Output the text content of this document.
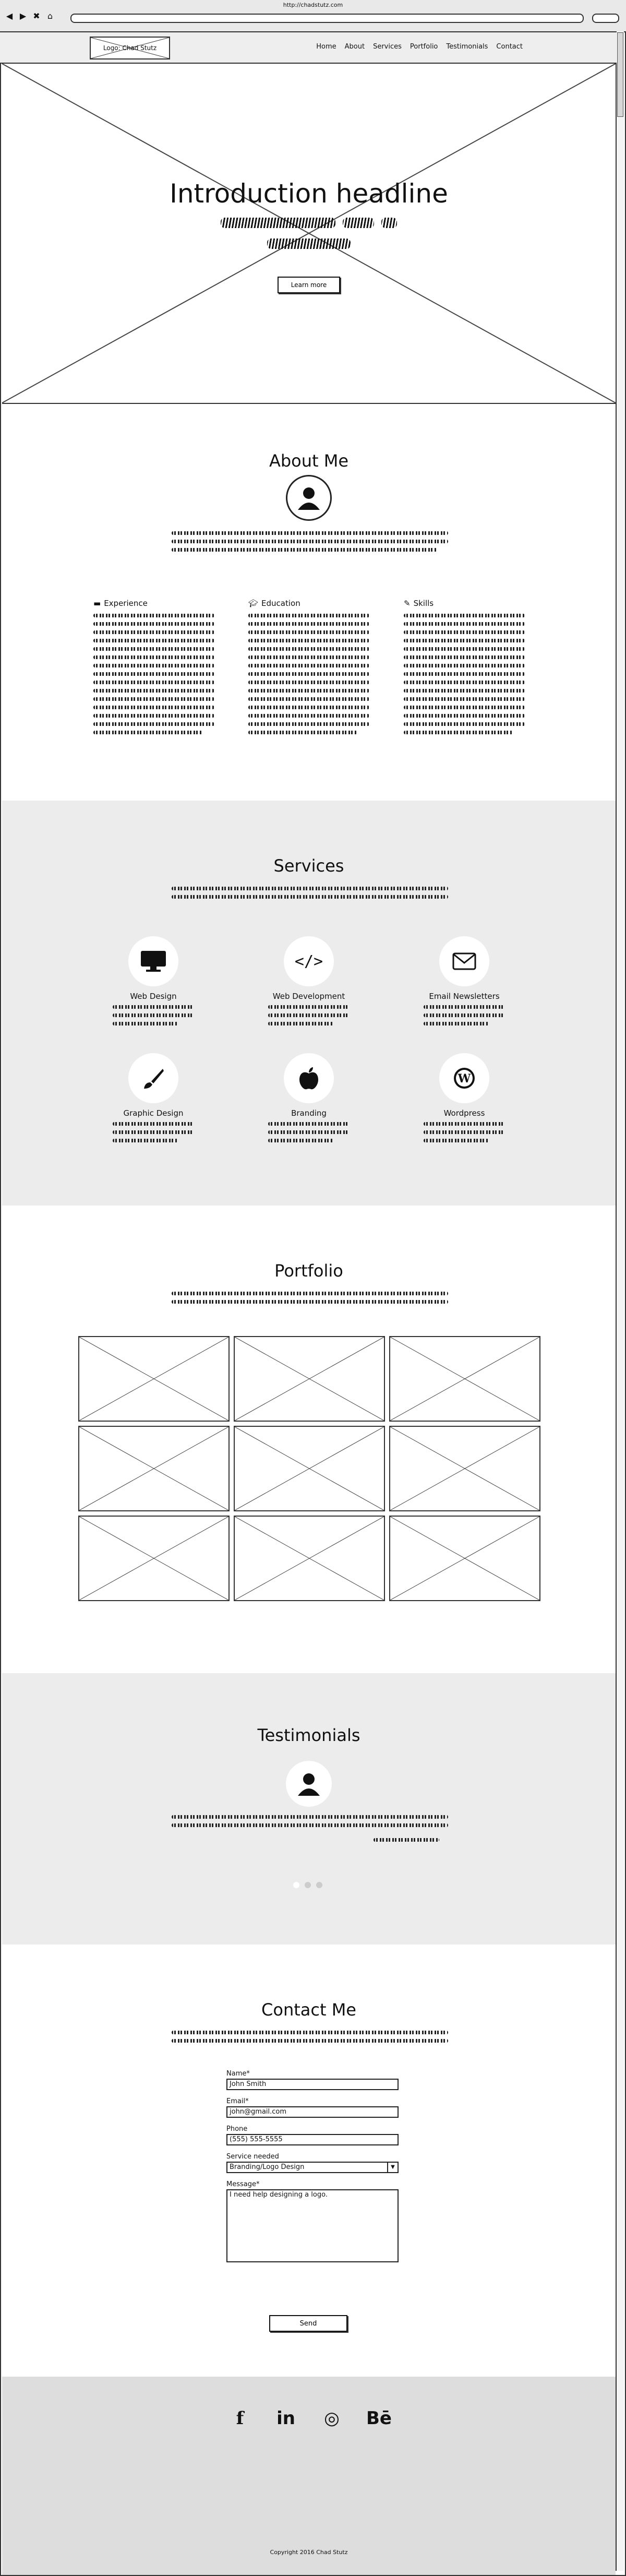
http://chadstutz.com
◀ ▶ ✖ ⌂
Logo: Chad Stutz	Home About Services Portfolio Testimonials Contact
Introduction headline
Learn more
About Me
▬ Experience	🎓︎ Education	✎ Skills
Services
Web Design
</>
Web Development	Email Newsletters
Graphic Design	Branding
W
Wordpress
Portfolio
Testimonials
Contact Me
Name*
John Smith
Email*
john@gmail.com
Phone
(555) 555-5555
Service needed
Branding/Logo Design	▼
Message*
I need help designing a logo.
Send
f	in ◎ Bē
Copyright 2016 Chad Stutz
